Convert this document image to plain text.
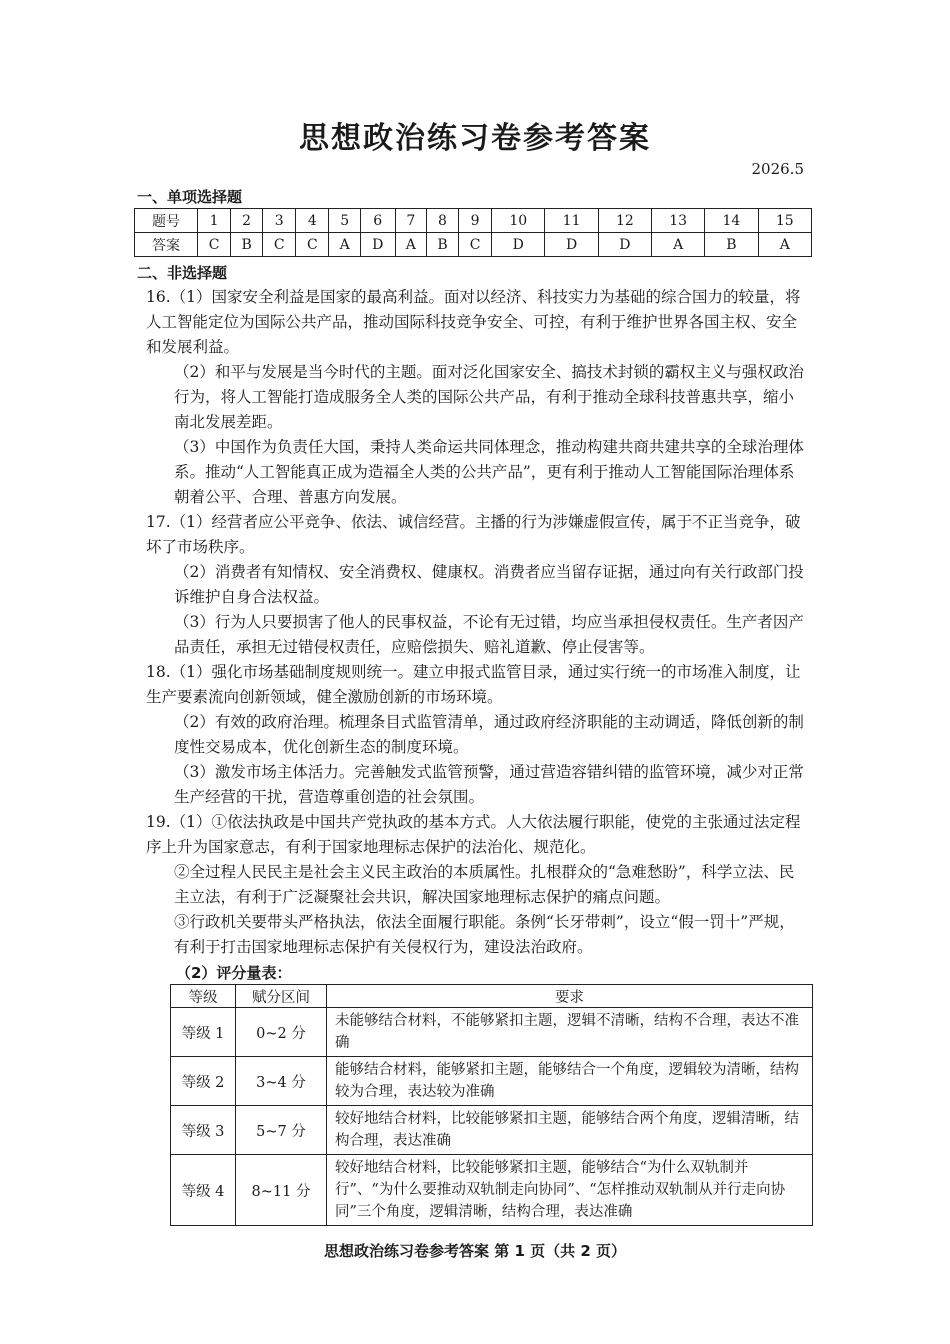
思想政治练习卷参考答案
2026.5
一、单项选择题
题号	1	2	3	4	5	6	7	8	9	10	11	12	13	14	15
答案	C	B	C	C	A	D	A	B	C	D	D	D	A	B	A
二、非选择题

16.（1）国家安全利益是国家的最高利益。面对以经济、科技实力为基础的综合国力的较量，将人工智能定位为国际公共产品，推动国际科技竞争安全、可控，有利于维护世界各国主权、安全和发展利益。

（2）和平与发展是当今时代的主题。面对泛化国家安全、搞技术封锁的霸权主义与强权政治行为，将人工智能打造成服务全人类的国际公共产品，有利于推动全球科技普惠共享，缩小南北发展差距。

（3）中国作为负责任大国，秉持人类命运共同体理念，推动构建共商共建共享的全球治理体系。推动“人工智能真正成为造福全人类的公共产品”，更有利于推动人工智能国际治理体系朝着公平、合理、普惠方向发展。

17.（1）经营者应公平竞争、依法、诚信经营。主播的行为涉嫌虚假宣传，属于不正当竞争，破坏了市场秩序。

（2）消费者有知情权、安全消费权、健康权。消费者应当留存证据，通过向有关行政部门投诉维护自身合法权益。

（3）行为人只要损害了他人的民事权益，不论有无过错，均应当承担侵权责任。生产者因产品责任，承担无过错侵权责任，应赔偿损失、赔礼道歉、停止侵害等。

18.（1）强化市场基础制度规则统一。建立申报式监管目录，通过实行统一的市场准入制度，让生产要素流向创新领域，健全激励创新的市场环境。

（2）有效的政府治理。梳理条目式监管清单，通过政府经济职能的主动调适，降低创新的制度性交易成本，优化创新生态的制度环境。

（3）激发市场主体活力。完善触发式监管预警，通过营造容错纠错的监管环境，减少对正常生产经营的干扰，营造尊重创造的社会氛围。

19.（1）①依法执政是中国共产党执政的基本方式。人大依法履行职能，使党的主张通过法定程序上升为国家意志，有利于国家地理标志保护的法治化、规范化。

②全过程人民民主是社会主义民主政治的本质属性。扎根群众的“急难愁盼”，科学立法、民主立法，有利于广泛凝聚社会共识，解决国家地理标志保护的痛点问题。

③行政机关要带头严格执法，依法全面履行职能。条例“长牙带刺”，设立“假一罚十”严规，有利于打击国家地理标志保护有关侵权行为，建设法治政府。

（2）评分量表：
等级	赋分区间	要求
等级 1	0~2 分	未能够结合材料，不能够紧扣主题，逻辑不清晰，结构不合理，表达不准确
等级 2	3~4 分	能够结合材料，能够紧扣主题，能够结合一个角度，逻辑较为清晰，结构较为合理，表达较为准确
等级 3	5~7 分	较好地结合材料，比较能够紧扣主题，能够结合两个角度，逻辑清晰，结构合理，表达准确
等级 4	8~11 分	较好地结合材料，比较能够紧扣主题，能够结合“为什么双轨制并行”、“为什么要推动双轨制走向协同”、“怎样推动双轨制从并行走向协同”三个角度，逻辑清晰，结构合理，表达准确
思想政治练习卷参考答案 第 1 页（共 2 页）
